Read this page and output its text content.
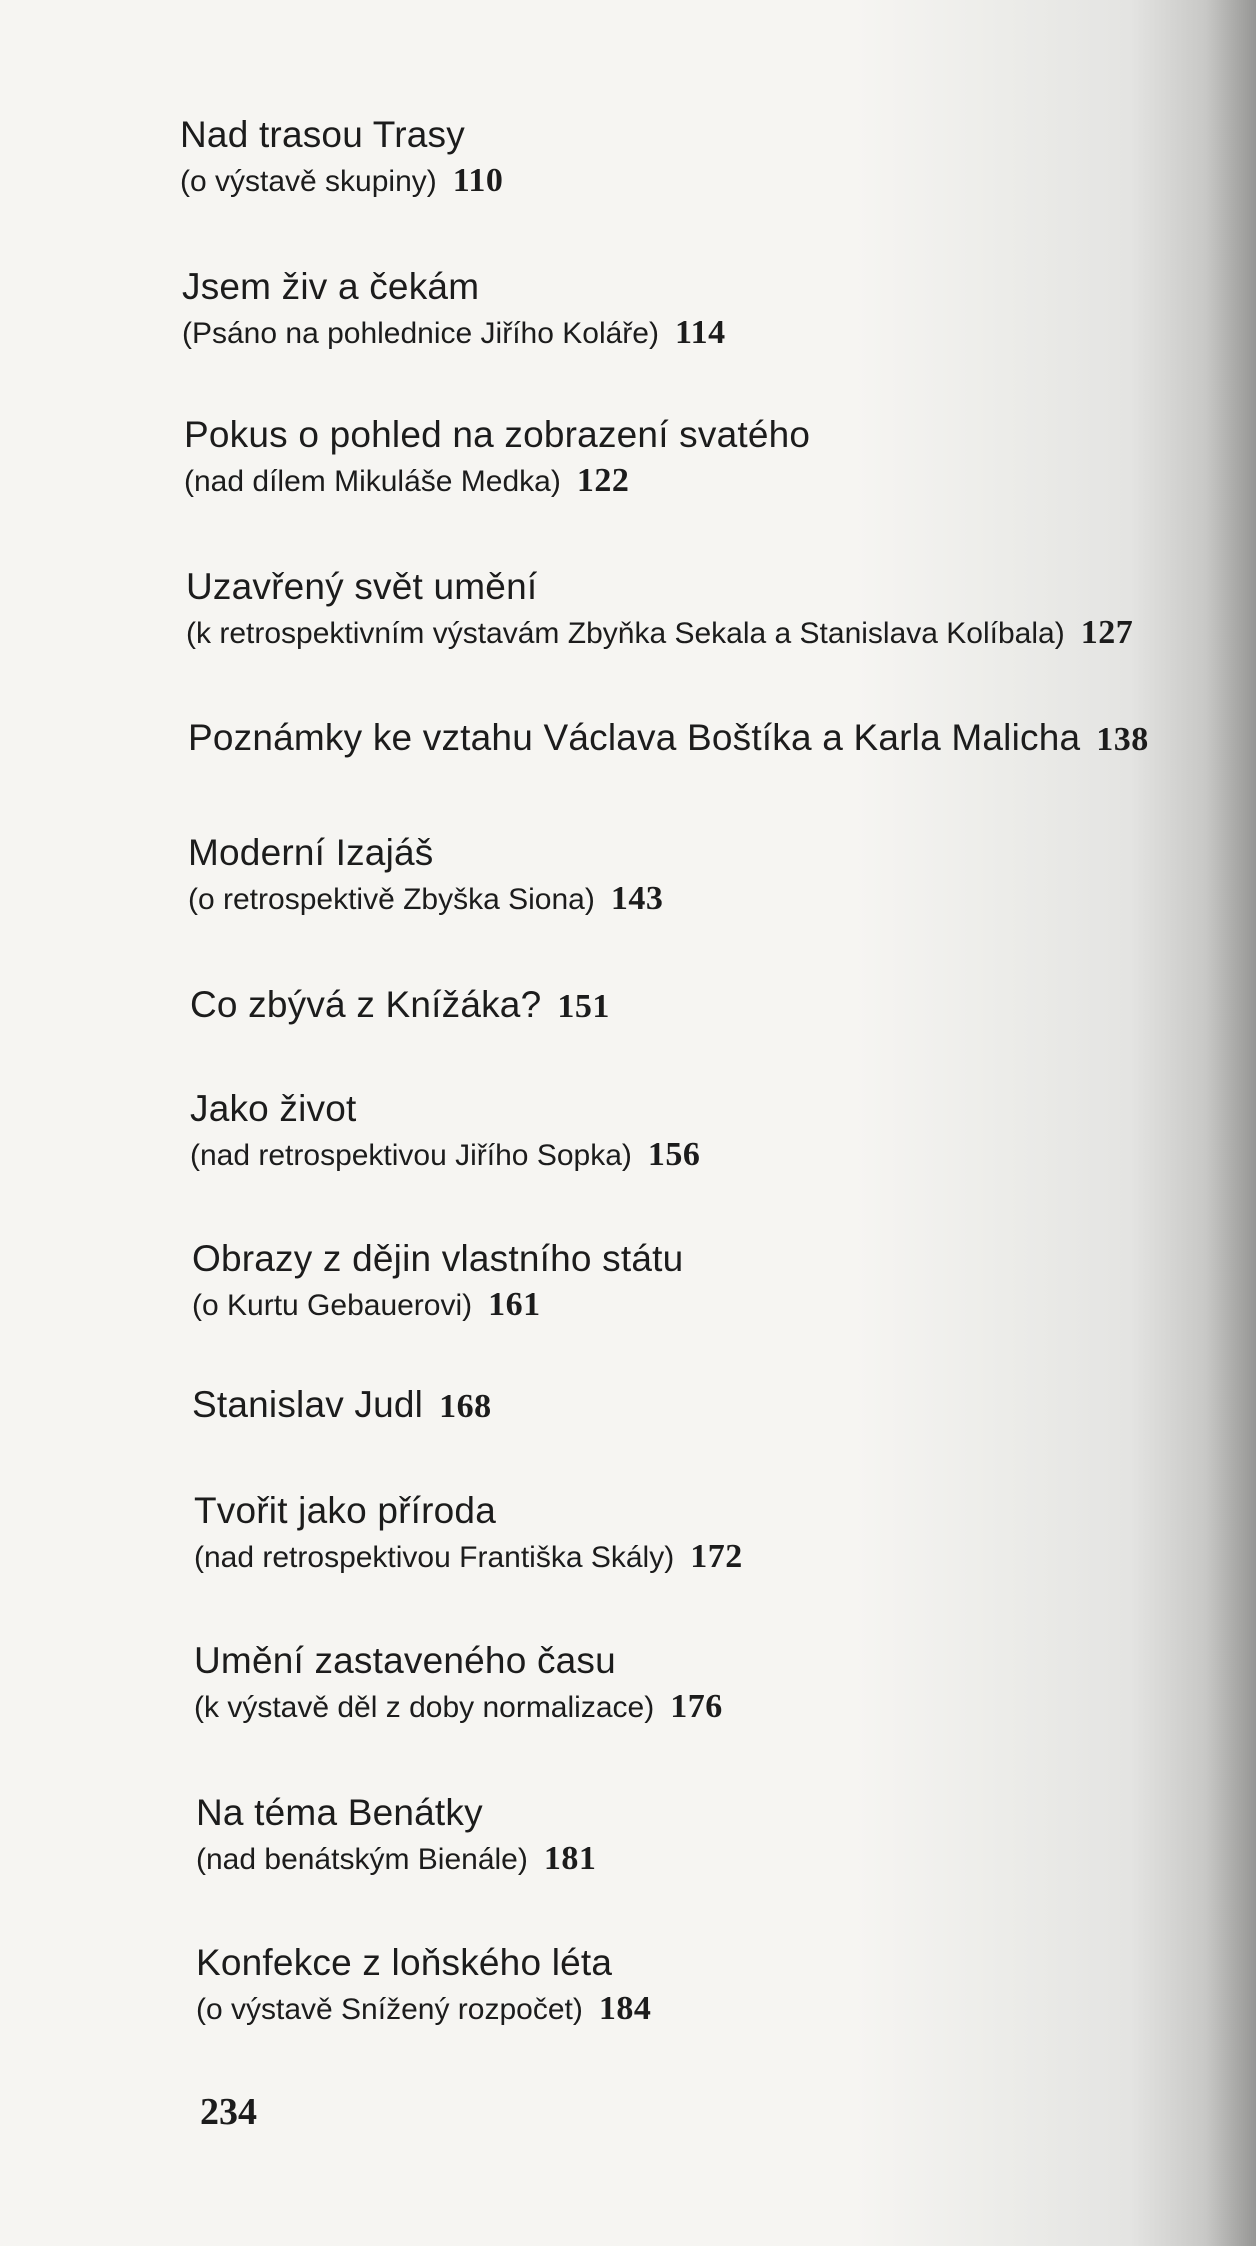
Nad trasou Trasy
(o výstavě skupiny) 110
Jsem živ a čekám
(Psáno na pohlednice Jiřího Koláře) 114
Pokus o pohled na zobrazení svatého
(nad dílem Mikuláše Medka) 122
Uzavřený svět umění
(k retrospektivním výstavám Zbyňka Sekala a Stanislava Kolíbala) 127
Poznámky ke vztahu Václava Boštíka a Karla Malicha 138
Moderní Izajáš
(o retrospektivě Zbyška Siona) 143
Co zbývá z Knížáka? 151
Jako život
(nad retrospektivou Jiřího Sopka) 156
Obrazy z dějin vlastního státu
(o Kurtu Gebauerovi) 161
Stanislav Judl 168
Tvořit jako příroda
(nad retrospektivou Františka Skály) 172
Umění zastaveného času
(k výstavě děl z doby normalizace) 176
Na téma Benátky
(nad benátským Bienále) 181
Konfekce z loňského léta
(o výstavě Snížený rozpočet) 184
234
